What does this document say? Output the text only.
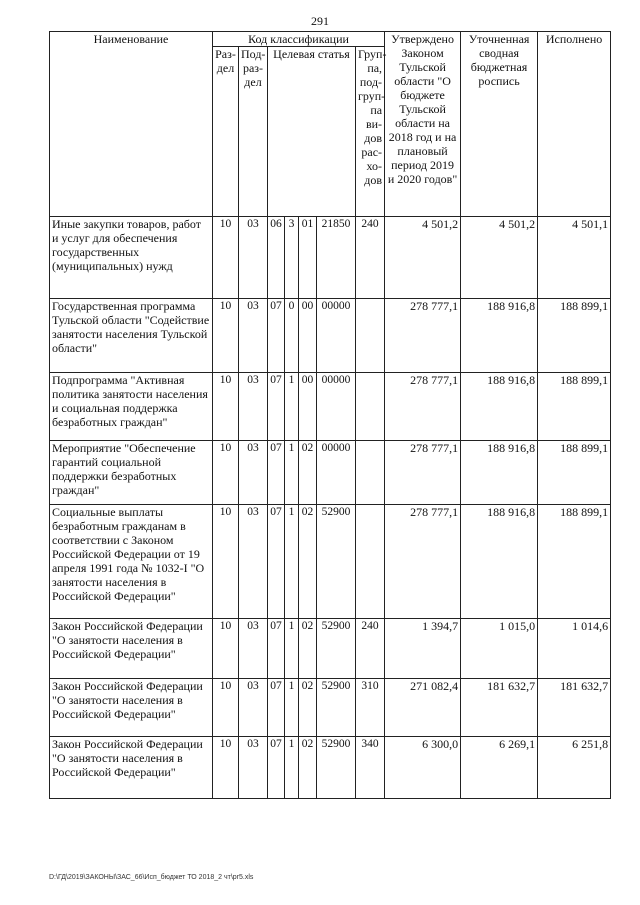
291
Наименование	Код классификации							Утверждено Законом Тульской области "О бюджете Тульской области на 2018 год и на плановый период 2019 и 2020 годов"	Уточненная сводная бюджетная роспись	Исполнено
	Раз-дел	Под-раз-дел	Целевая статья				Груп-па, под-груп-па ви-дов рас-хо-дов			
Иные закупки товаров, работ и услуг для обеспечения государственных (муниципальных) нужд	10	03	06	3	01	21850	240	4 501,2	4 501,2	4 501,1
Государственная программа Тульской области "Содействие занятости населения Тульской области"	10	03	07	0	00	00000		278 777,1	188 916,8	188 899,1
Подпрограмма "Активная политика занятости населения и социальная поддержка безработных граждан"	10	03	07	1	00	00000		278 777,1	188 916,8	188 899,1
Мероприятие "Обеспечение гарантий социальной поддержки безработных граждан"	10	03	07	1	02	00000		278 777,1	188 916,8	188 899,1
Социальные выплаты безработным гражданам в соответствии с Законом Российской Федерации от 19 апреля 1991 года № 1032-I "О занятости населения в Российской Федерации"	10	03	07	1	02	52900		278 777,1	188 916,8	188 899,1
Закон Российской Федерации "О занятости населения в Российской Федерации"	10	03	07	1	02	52900	240	1 394,7	1 015,0	1 014,6
Закон Российской Федерации "О занятости населения в Российской Федерации"	10	03	07	1	02	52900	310	271 082,4	181 632,7	181 632,7
Закон Российской Федерации "О занятости населения в Российской Федерации"	10	03	07	1	02	52900	340	6 300,0	6 269,1	6 251,8
D:\ГД\2019\ЗАКОНЫ\ЗАС_66\Исп_бюджет ТО 2018_2 чт\pr5.xls
